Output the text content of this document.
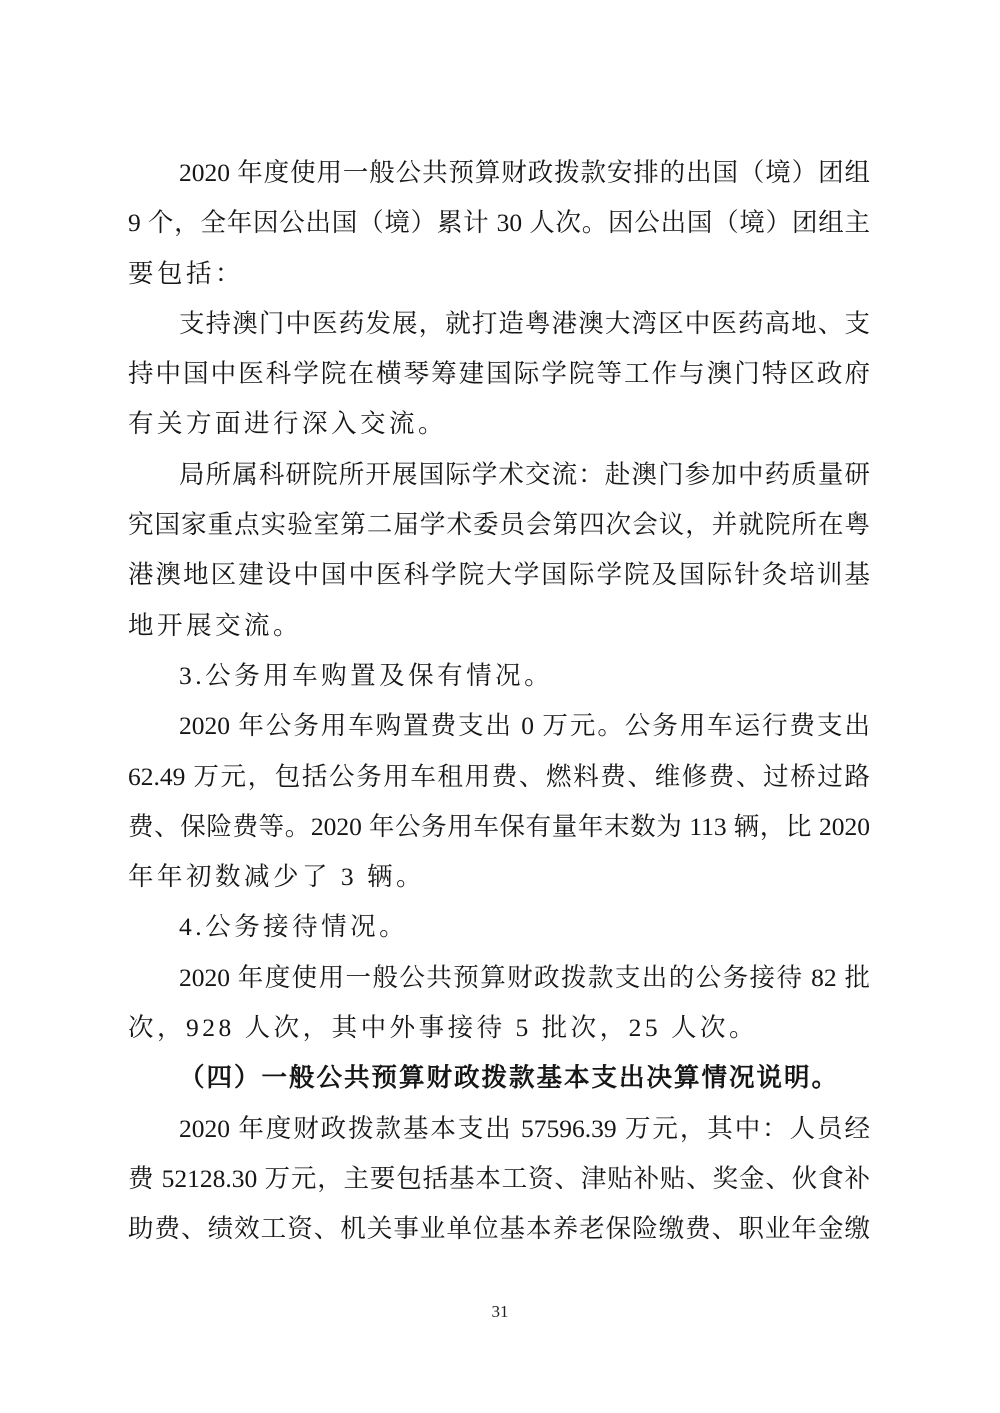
2020 年度使用一般公共预算财政拨款安排的出国（境）团组
9 个，全年因公出国（境）累计 30 人次。因公出国（境）团组主
要包括：
支持澳门中医药发展，就打造粤港澳大湾区中医药高地、支
持中国中医科学院在横琴筹建国际学院等工作与澳门特区政府
有关方面进行深入交流。
局所属科研院所开展国际学术交流：赴澳门参加中药质量研
究国家重点实验室第二届学术委员会第四次会议，并就院所在粤
港澳地区建设中国中医科学院大学国际学院及国际针灸培训基
地开展交流。
3.公务用车购置及保有情况。
2020 年公务用车购置费支出 0 万元。公务用车运行费支出
62.49 万元，包括公务用车租用费、燃料费、维修费、过桥过路
费、保险费等。2020 年公务用车保有量年末数为 113 辆，比 2020
年年初数减少了 3 辆。
4.公务接待情况。
2020 年度使用一般公共预算财政拨款支出的公务接待 82 批
次，928 人次，其中外事接待 5 批次，25 人次。
（四）一般公共预算财政拨款基本支出决算情况说明。
2020 年度财政拨款基本支出 57596.39 万元，其中：人员经
费 52128.30 万元，主要包括基本工资、津贴补贴、奖金、伙食补
助费、绩效工资、机关事业单位基本养老保险缴费、职业年金缴
31
